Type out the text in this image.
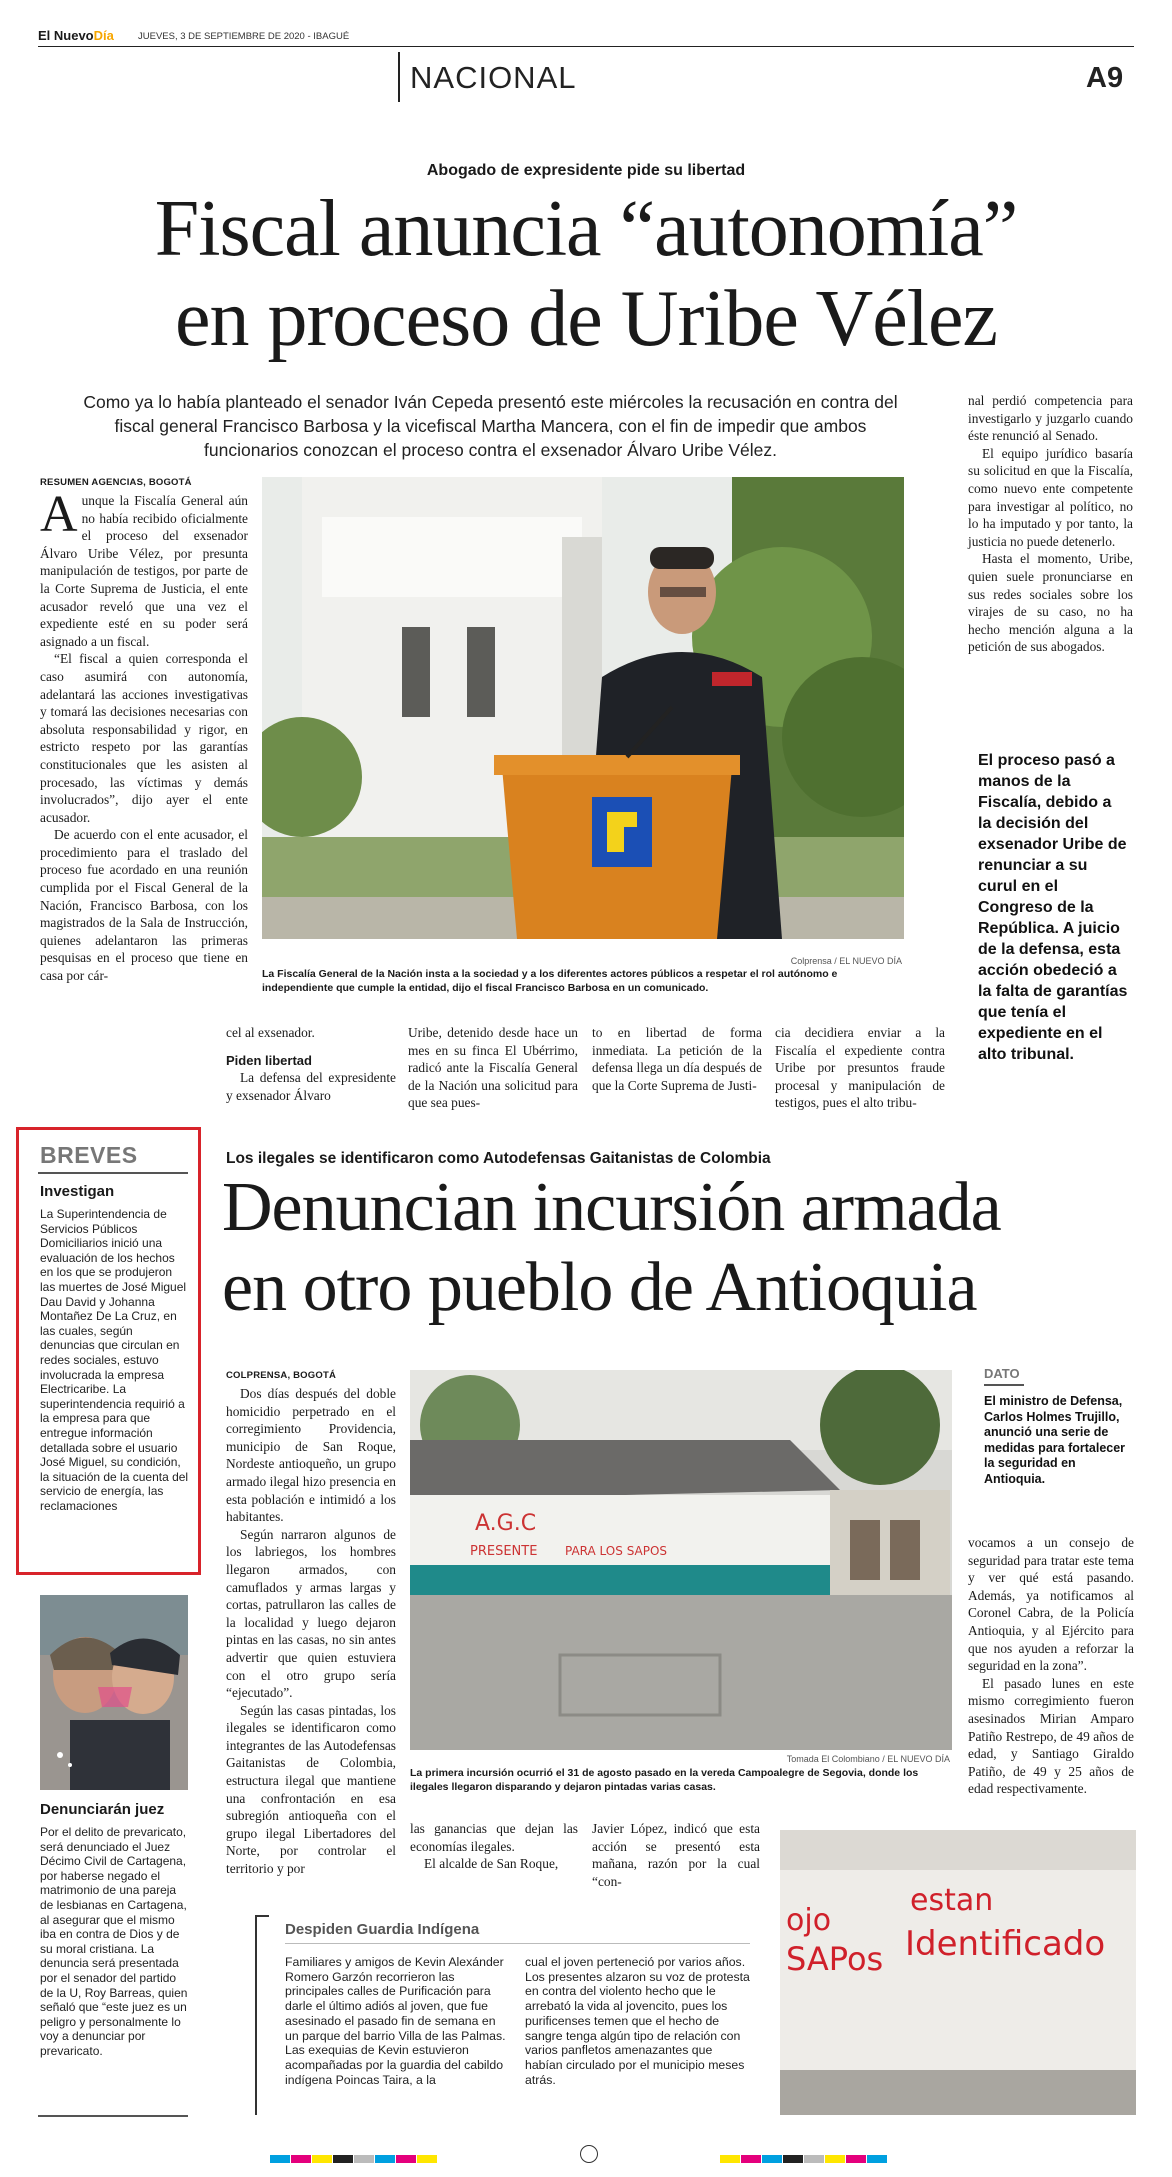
El NuevoDía	JUEVES, 3 DE SEPTIEMBRE DE 2020 - IBAGUÉ
NACIONAL	A9
Abogado de expresidente pide su libertad
Fiscal anuncia “autonomía”
en proceso de Uribe Vélez
Como ya lo había planteado el senador Iván Cepeda presentó este miércoles la recusación en contra del fiscal general Francisco Barbosa y la vicefiscal Martha Mancera, con el fin de impedir que ambos funcionarios conozcan el proceso contra el exsenador Álvaro Uribe Vélez.
RESUMEN AGENCIAS, BOGOTÁ

Aunque la Fiscalía General aún no había recibido oficialmente el proceso del exsenador Álvaro Uribe Vélez, por presunta manipulación de testigos, por parte de la Corte Suprema de Justicia, el ente acusador reveló que una vez el expediente esté en su poder será asignado a un fiscal.

“El fiscal a quien corresponda el caso asumirá con autonomía, adelantará las acciones investigativas y tomará las decisiones necesarias con absoluta responsabilidad y rigor, en estricto respeto por las garantías constitucionales que les asisten al procesado, las víctimas y demás involucrados”, dijo ayer el ente acusador.

De acuerdo con el ente acusador, el procedimiento para el traslado del proceso fue acordado en una reunión cumplida por el Fiscal General de la Nación, Francisco Barbosa, con los magistrados de la Sala de Instrucción, quienes adelantaron las primeras pesquisas en el proceso que tiene en casa por cár-

Colprensa / EL NUEVO DÍA
La Fiscalía General de la Nación insta a la sociedad y a los diferentes actores públicos a respetar el rol autónomo e independiente que cumple la entidad, dijo el fiscal Francisco Barbosa en un comunicado.

cel al exsenador.

Piden libertad

La defensa del expresidente y exsenador Álvaro

Uribe, detenido desde hace un mes en su finca El Ubérrimo, radicó ante la Fiscalía General de la Nación una solicitud para que sea pues-

to en libertad de forma inmediata. La petición de la defensa llega un día después de que la Corte Suprema de Justi-

cia decidiera enviar a la Fiscalía el expediente contra Uribe por presuntos fraude procesal y manipulación de testigos, pues el alto tribu-

nal perdió competencia para investigarlo y juzgarlo cuando éste renunció al Senado.

El equipo jurídico basaría su solicitud en que la Fiscalía, como nuevo ente competente para investigar al político, no lo ha imputado y por tanto, la justicia no puede detenerlo.

Hasta el momento, Uribe, quien suele pronunciarse en sus redes sociales sobre los virajes de su caso, no ha hecho mención alguna a la petición de sus abogados.

El proceso pasó a manos de la Fiscalía, debido a la decisión del exsenador Uribe de renunciar a su curul en el Congreso de la República. A juicio de la defensa, esta acción obedeció a la falta de garantías que tenía el expediente en el alto tribunal.
BREVES
Investigan
La Superintendencia de Servicios Públicos Domiciliarios inició una evaluación de los hechos en los que se produjeron las muertes de José Miguel Dau David y Johanna Montañez De La Cruz, en las cuales, según denuncias que circulan en redes sociales, estuvo involucrada la empresa Electricaribe. La superintendencia requirió a la empresa para que entregue información detallada sobre el usuario José Miguel, su condición, la situación de la cuenta del servicio de energía, las reclamaciones
Denunciarán juez
Por el delito de prevaricato, será denunciado el Juez Décimo Civil de Cartagena, por haberse negado el matrimonio de una pareja de lesbianas en Cartagena, al asegurar que el mismo iba en contra de Dios y de su moral cristiana. La denuncia será presentada por el senador del partido de la U, Roy Barreas, quien señaló que “este juez es un peligro y personalmente lo voy a denunciar por prevaricato.
Los ilegales se identificaron como Autodefensas Gaitanistas de Colombia
Denuncian incursión armada
en otro pueblo de Antioquia
COLPRENSA, BOGOTÁ

Dos días después del doble homicidio perpetrado en el corregimiento Providencia, municipio de San Roque, Nordeste antioqueño, un grupo armado ilegal hizo presencia en esta población e intimidó a los habitantes.

Según narraron algunos de los labriegos, los hombres llegaron armados, con camuflados y armas largas y cortas, patrullaron las calles de la localidad y luego dejaron pintas en las casas, no sin antes advertir que quien estuviera con el otro grupo sería “ejecutado”.

Según las casas pintadas, los ilegales se identificaron como integrantes de las Autodefensas Gaitanistas de Colombia, estructura ilegal que mantiene una confrontación en esa subregión antioqueña con el grupo ilegal Libertadores del Norte, por controlar el territorio y por

A.G.C
PRESENTE PARA LOS SAPOS
Tomada El Colombiano / EL NUEVO DÍA
La primera incursión ocurrió el 31 de agosto pasado en la vereda Campoalegre de Segovia, donde los ilegales llegaron disparando y dejaron pintadas varias casas.

las ganancias que dejan las economías ilegales.

El alcalde de San Roque,

Javier López, indicó que esta acción se presentó esta mañana, razón por la cual “con-

DATO
El ministro de Defensa, Carlos Holmes Trujillo, anunció una serie de medidas para fortalecer la seguridad en Antioquia.

vocamos a un consejo de seguridad para tratar este tema y ver qué está pasando. Además, ya notificamos al Coronel Cabra, de la Policía Antioquia, y al Ejército para que nos ayuden a reforzar la seguridad en la zona”.

El pasado lunes en este mismo corregimiento fueron asesinados Mirian Amparo Patiño Restrepo, de 49 años de edad, y Santiago Giraldo Patiño, de 49 y 25 años de edad respectivamente.

Despiden Guardia Indígena
Familiares y amigos de Kevin Alexánder Romero Garzón recorrieron las principales calles de Purificación para darle el último adiós al joven, que fue asesinado el pasado fin de semana en un parque del barrio Villa de las Palmas. Las exequias de Kevin estuvieron acompañadas por la guardia del cabildo indígena Poincas Taira, a la
cual el joven perteneció por varios años. Los presentes alzaron su voz de protesta en contra del violento hecho que le arrebató la vida al jovencito, pues los purificenses temen que el hecho de sangre tenga algún tipo de relación con varios panfletos amenazantes que habían circulado por el municipio meses atrás.
ojo
SAPos
estan
Identificado
